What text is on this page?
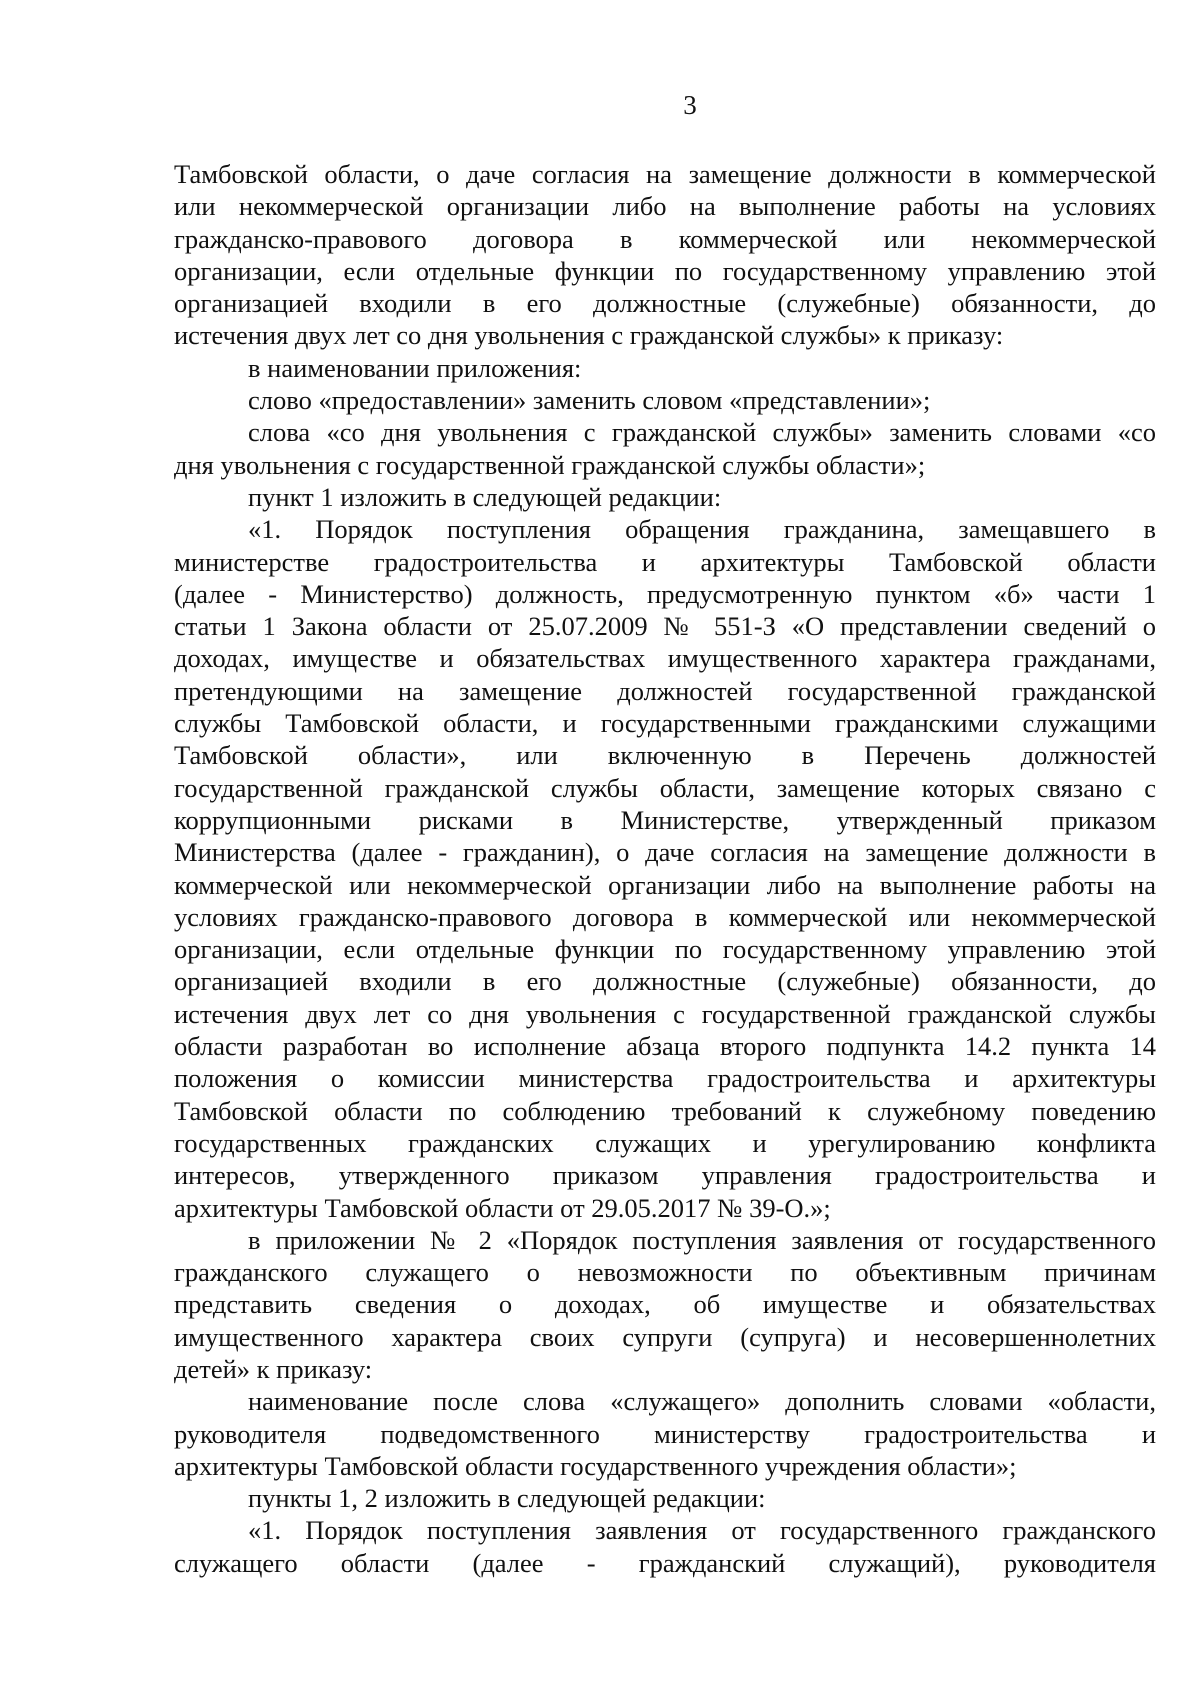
3
Тамбовской области, о даче согласия на замещение должности в коммерческой
или некоммерческой организации либо на выполнение работы на условиях
гражданско-правового договора в коммерческой или некоммерческой
организации, если отдельные функции по государственному управлению этой
организацией входили в его должностные (служебные) обязанности, до
истечения двух лет со дня увольнения с гражданской службы» к приказу:
в наименовании приложения:
слово «предоставлении» заменить словом «представлении»;
слова «со дня увольнения с гражданской службы» заменить словами «со
дня увольнения с государственной гражданской службы области»;
пункт 1 изложить в следующей редакции:
«1. Порядок поступления обращения гражданина, замещавшего в
министерстве градостроительства и архитектуры Тамбовской области
(далее - Министерство) должность, предусмотренную пунктом «б» части 1
статьи 1 Закона области от 25.07.2009 № 551-З «О представлении сведений о
доходах, имуществе и обязательствах имущественного характера гражданами,
претендующими на замещение должностей государственной гражданской
службы Тамбовской области, и государственными гражданскими служащими
Тамбовской области», или включенную в Перечень должностей
государственной гражданской службы области, замещение которых связано с
коррупционными рисками в Министерстве, утвержденный приказом
Министерства (далее - гражданин), о даче согласия на замещение должности в
коммерческой или некоммерческой организации либо на выполнение работы на
условиях гражданско-правового договора в коммерческой или некоммерческой
организации, если отдельные функции по государственному управлению этой
организацией входили в его должностные (служебные) обязанности, до
истечения двух лет со дня увольнения с государственной гражданской службы
области разработан во исполнение абзаца второго подпункта 14.2 пункта 14
положения о комиссии министерства градостроительства и архитектуры
Тамбовской области по соблюдению требований к служебному поведению
государственных гражданских служащих и урегулированию конфликта
интересов, утвержденного приказом управления градостроительства и
архитектуры Тамбовской области от 29.05.2017 № 39-О.»;
в приложении № 2 «Порядок поступления заявления от государственного
гражданского служащего о невозможности по объективным причинам
представить сведения о доходах, об имуществе и обязательствах
имущественного характера своих супруги (супруга) и несовершеннолетних
детей» к приказу:
наименование после слова «служащего» дополнить словами «области,
руководителя подведомственного министерству градостроительства и
архитектуры Тамбовской области государственного учреждения области»;
пункты 1, 2 изложить в следующей редакции:
«1. Порядок поступления заявления от государственного гражданского
служащего области (далее - гражданский служащий), руководителя
